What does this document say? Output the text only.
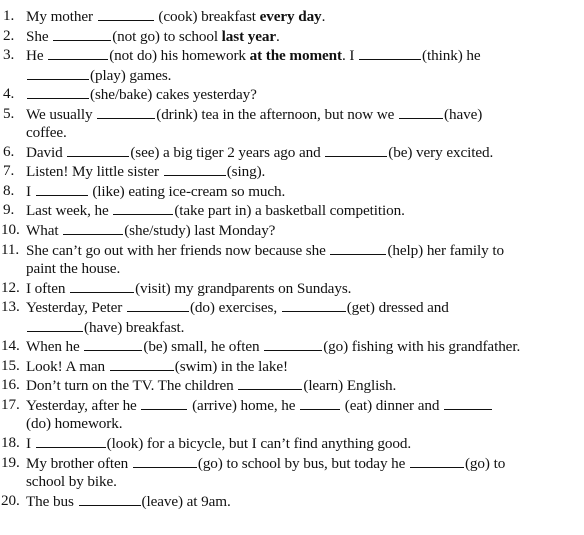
1. My mother	(cook) breakfast every day.
2. She	(not go) to school last year.
3. He	(not do) his homework at the moment. I	(think) he
(play) games.
4.	(she/bake) cakes yesterday?
5. We usually	(drink) tea in the afternoon, but now we	(have)
coffee.
6. David	(see) a big tiger 2 years ago and	(be) very excited.
7. Listen! My little sister	(sing).
8. I	(like) eating ice-cream so much.
9. Last week, he	(take part in) a basketball competition.
10. What	(she/study) last Monday?
11. She can’t go out with her friends now because she	(help) her family to
paint the house.
12. I often	(visit) my grandparents on Sundays.
13. Yesterday, Peter	(do) exercises,	(get) dressed and
(have) breakfast.
14. When he	(be) small, he often	(go) fishing with his grandfather.
15. Look! A man	(swim) in the lake!
16. Don’t turn on the TV. The children	(learn) English.
17. Yesterday, after he	(arrive) home, he	(eat) dinner and
(do) homework.
18. I	(look) for a bicycle, but I can’t find anything good.
19. My brother often	(go) to school by bus, but today he	(go) to
school by bike.
20. The bus	(leave) at 9am.
